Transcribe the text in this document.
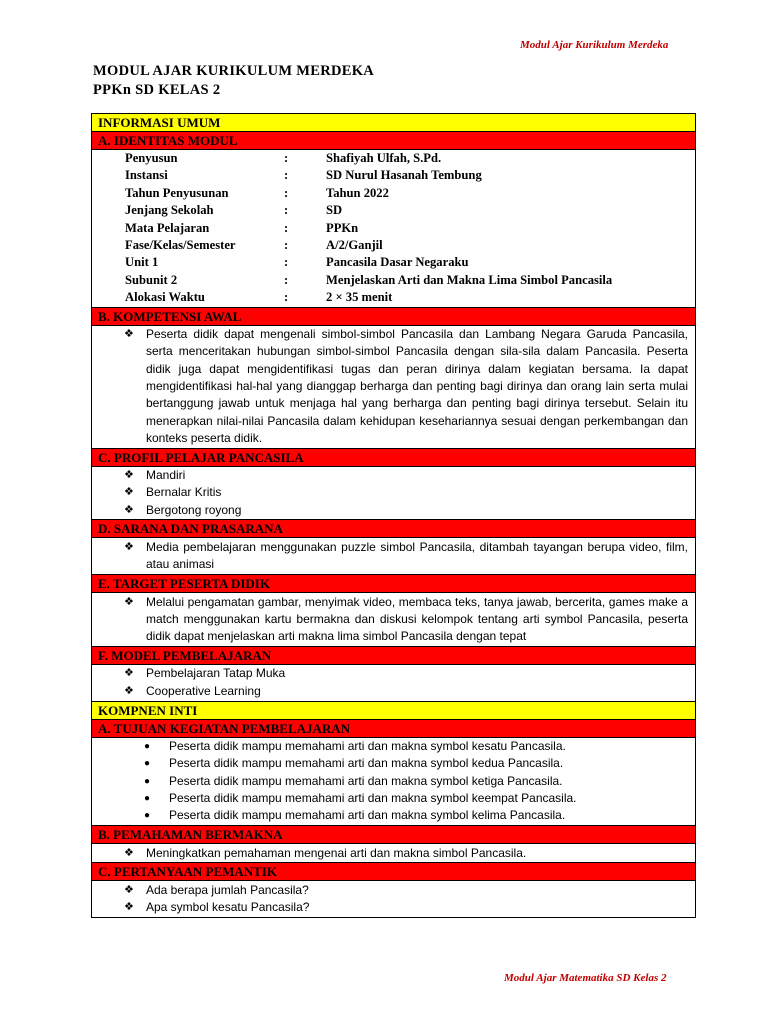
Modul Ajar Kurikulum Merdeka
MODUL AJAR KURIKULUM MERDEKA
PPKn SD KELAS 2
INFORMASI UMUM
A. IDENTITAS MODUL
Penyusun	:	Shafiyah Ulfah, S.Pd.
Instansi	:	SD Nurul Hasanah Tembung
Tahun Penyusunan	:	Tahun 2022
Jenjang Sekolah	:	SD
Mata Pelajaran	:	PPKn
Fase/Kelas/Semester	:	A/2/Ganjil
Unit 1	:	Pancasila Dasar Negaraku
Subunit 2	:	Menjelaskan Arti dan Makna Lima Simbol Pancasila
Alokasi Waktu	:	2 × 35 menit
B. KOMPETENSI AWAL
❖ Peserta didik dapat mengenali simbol-simbol Pancasila dan Lambang Negara Garuda Pancasila, serta menceritakan hubungan simbol-simbol Pancasila dengan sila-sila dalam Pancasila. Peserta didik juga dapat mengidentifikasi tugas dan peran dirinya dalam kegiatan bersama. Ia dapat mengidentifikasi hal-hal yang dianggap berharga dan penting bagi dirinya dan orang lain serta mulai bertanggung jawab untuk menjaga hal yang berharga dan penting bagi dirinya tersebut. Selain itu menerapkan nilai-nilai Pancasila dalam kehidupan kesehariannya sesuai dengan perkembangan dan konteks peserta didik.
C. PROFIL PELAJAR PANCASILA
❖ Mandiri
❖ Bernalar Kritis
❖ Bergotong royong
D. SARANA DAN PRASARANA
❖ Media pembelajaran menggunakan puzzle simbol Pancasila, ditambah tayangan berupa video, film, atau animasi
E. TARGET PESERTA DIDIK
❖ Melalui pengamatan gambar, menyimak video, membaca teks, tanya jawab, bercerita, games make a match menggunakan kartu bermakna dan diskusi kelompok tentang arti symbol Pancasila, peserta didik dapat menjelaskan arti makna lima simbol Pancasila dengan tepat
F. MODEL PEMBELAJARAN
❖ Pembelajaran Tatap Muka
❖ Cooperative Learning
KOMPNEN INTI
A. TUJUAN KEGIATAN PEMBELAJARAN
● Peserta didik mampu memahami arti dan makna symbol kesatu Pancasila.
● Peserta didik mampu memahami arti dan makna symbol kedua Pancasila.
● Peserta didik mampu memahami arti dan makna symbol ketiga Pancasila.
● Peserta didik mampu memahami arti dan makna symbol keempat Pancasila.
● Peserta didik mampu memahami arti dan makna symbol kelima Pancasila.
B. PEMAHAMAN BERMAKNA
❖ Meningkatkan pemahaman mengenai arti dan makna simbol Pancasila.
C. PERTANYAAN PEMANTIK
❖ Ada berapa jumlah Pancasila?
❖ Apa symbol kesatu Pancasila?
Modul Ajar Matematika SD Kelas 2
